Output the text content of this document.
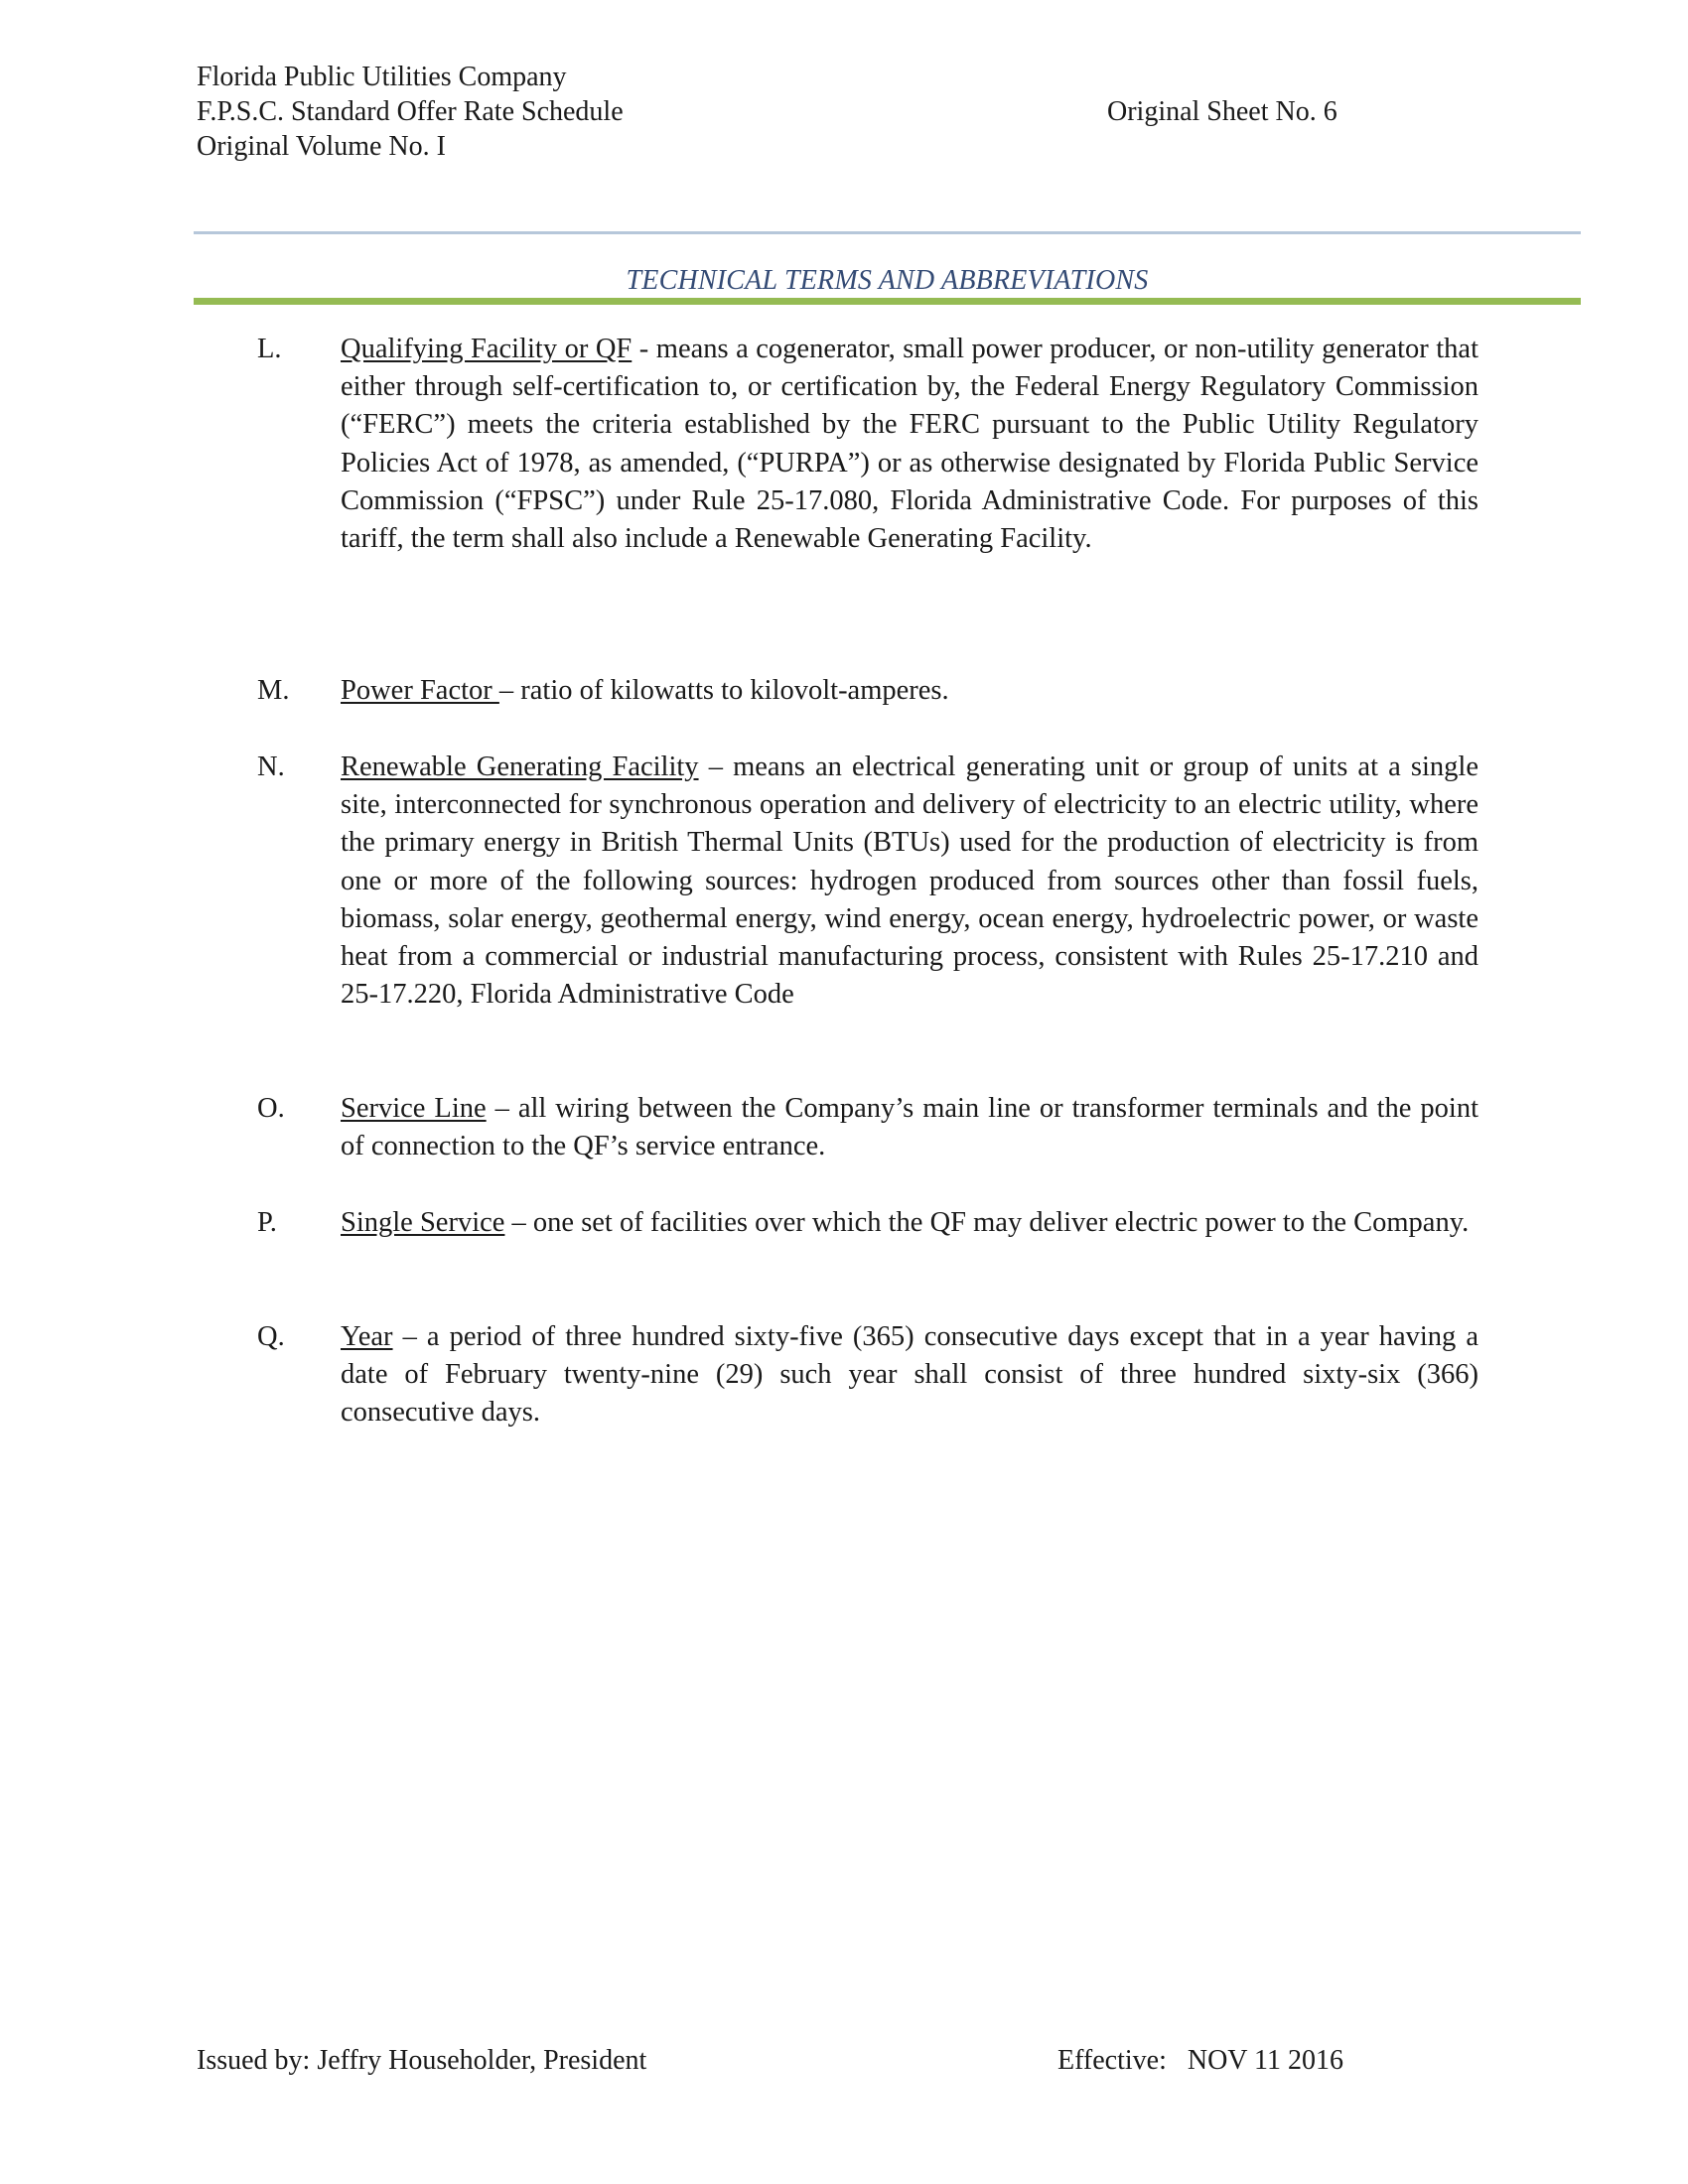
Florida Public Utilities Company
F.P.S.C. Standard Offer Rate Schedule
Original Volume No. I
Original Sheet No. 6
TECHNICAL TERMS AND ABBREVIATIONS
L. Qualifying Facility or QF - means a cogenerator, small power producer, or non-utility generator that either through self-certification to, or certification by, the Federal Energy Regulatory Commission (“FERC”) meets the criteria established by the FERC pursuant to the Public Utility Regulatory Policies Act of 1978, as amended, (“PURPA”) or as otherwise designated by Florida Public Service Commission (“FPSC”) under Rule 25-17.080, Florida Administrative Code. For purposes of this tariff, the term shall also include a Renewable Generating Facility.
M. Power Factor – ratio of kilowatts to kilovolt-amperes.
N. Renewable Generating Facility – means an electrical generating unit or group of units at a single site, interconnected for synchronous operation and delivery of electricity to an electric utility, where the primary energy in British Thermal Units (BTUs) used for the production of electricity is from one or more of the following sources: hydrogen produced from sources other than fossil fuels, biomass, solar energy, geothermal energy, wind energy, ocean energy, hydroelectric power, or waste heat from a commercial or industrial manufacturing process, consistent with Rules 25-17.210 and 25-17.220, Florida Administrative Code
O. Service Line – all wiring between the Company’s main line or transformer terminals and the point of connection to the QF’s service entrance.
P. Single Service – one set of facilities over which the QF may deliver electric power to the Company.
Q. Year – a period of three hundred sixty-five (365) consecutive days except that in a year having a date of February twenty-nine (29) such year shall consist of three hundred sixty-six (366) consecutive days.
Issued by: Jeffry Householder, President	Effective:   NOV 11 2016
